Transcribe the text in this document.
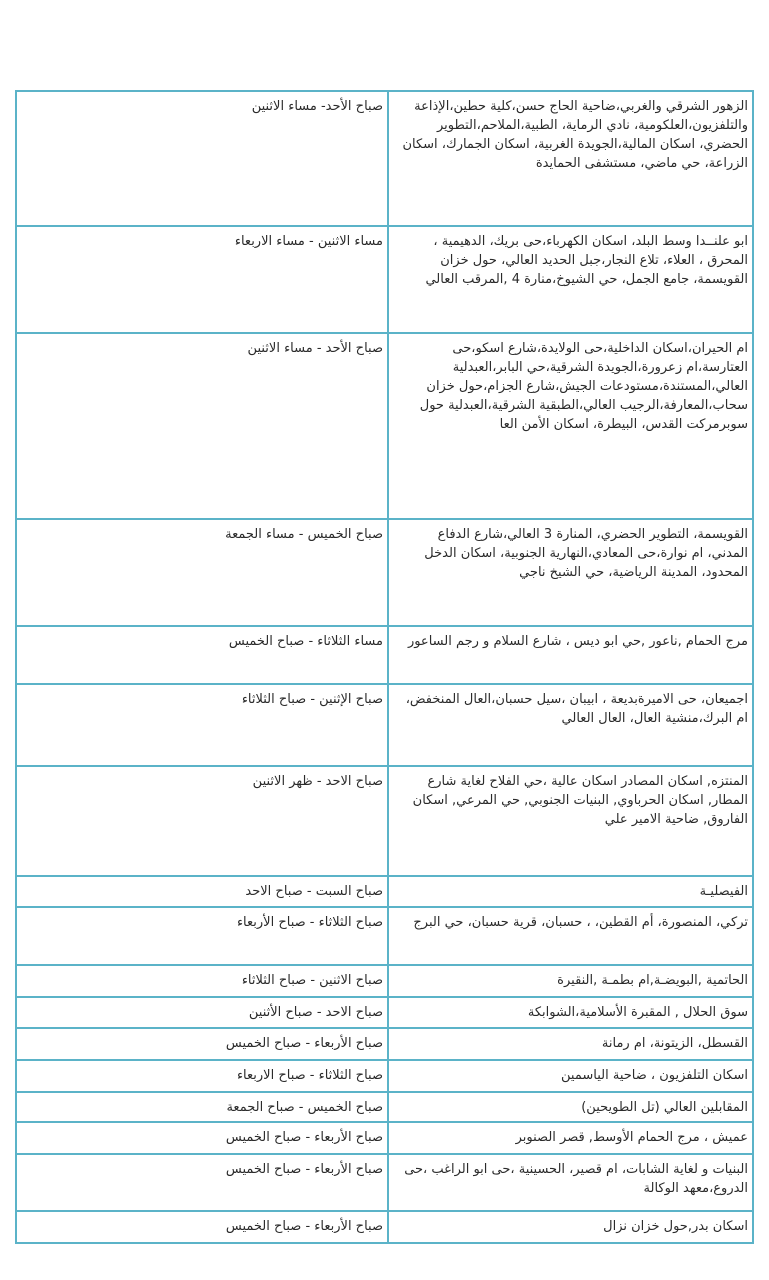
الزهور الشرقي والغربي،ضاحية الحاج حسن،كلية حطين،الإذاعة والتلفزيون،العلكومية، نادي الرماية، الطبية،الملاحم،التطوير الحضري، اسكان المالية،الجويدة الغربية، اسكان الجمارك، اسكان الزراعة، حي ماضي، مستشفى الحمايدة	صباح الأحد- مساء الاثنين
ابو علنــدا وسط البلد، اسكان الكهرباء،حى بريك، الدهيمية ، المحرق ، العلاء، تلاع النجار،جبل الحديد العالي، حول خزان القويسمة، جامع الجمل، حي الشيوخ،منارة 4 ,المرقب العالي	مساء الاثنين - مساء الاربعاء
ام الحيران،اسكان الداخلية،حى الولايدة،شارع اسكو،حى العتارسة،ام زعرورة،الجويدة الشرقية،حي البابر،العبدلية العالي،المستندة،مستودعات الجيش،شارع الجزام،حول خزان سحاب،المعارفة،الرجيب العالي،الطبقية الشرقية،العبدلية حول سوبرمركت القدس، البيطرة، اسكان الأمن العا	صباح الأحد - مساء الاثنين
القويسمة، التطوير الحضري، المنارة 3 العالي،شارع الدفاع المدني، ام نوارة،حى المعادي،النهارية الجنوبية، اسكان الدخل المحدود، المدينة الرياضية، حي الشيخ ناجي	صباح الخميس - مساء الجمعة
مرج الحمام ,ناعور ,حي ابو ديس ، شارع السلام و رجم الساعور	مساء الثلاثاء - صباح الخميس
اجميعان، حى الاميرةبديعة ، ابيبان ،سيل حسبان،العال المنخفض، ام البرك،منشية العال، العال العالي	صباح الإثنين - صباح الثلاثاء
المنتزه, اسكان المصادر اسكان عالية ،حي الفلاح لغاية شارع المطار, اسكان الحرباوي, البنيات الجنوبي, حي المرعي, اسكان الفاروق, ضاحية الامير علي	صباح الاحد - ظهر الاثنين
الفيصليـة	صباح السبت - صباح الاحد
تركي، المنصورة، أم القطين، ، حسبان، قرية حسبان، حي البرج	صباح الثلاثاء - صباح الأربعاء
الحاتمية ,البويضـة,ام بطمـة ,النقيرة	صباح الاثنين - صباح الثلاثاء
سوق الحلال , المقبرة الأسلامية،الشوابكة	صباح الاحد - صباح الأثنين
القسطل، الزيتونة، ام رمانة	صباح الأربعاء - صباح الخميس
اسكان التلفزيون ، ضاحية الياسمين	صباح الثلاثاء - صباح الاربعاء
المقابلين العالي (تل الطويحين)	صباح الخميس - صباح الجمعة
عميش ، مرج الحمام الأوسط, قصر الصنوبر	صباح الأربعاء - صباح الخميس
البنيات و لغاية الشابات، ام قصير، الحسينية ،حى ابو الراغب ،حى الدروع،معهد الوكالة	صباح الأربعاء - صباح الخميس
اسكان بدر,حول خزان نزال	صباح الأربعاء - صباح الخميس
